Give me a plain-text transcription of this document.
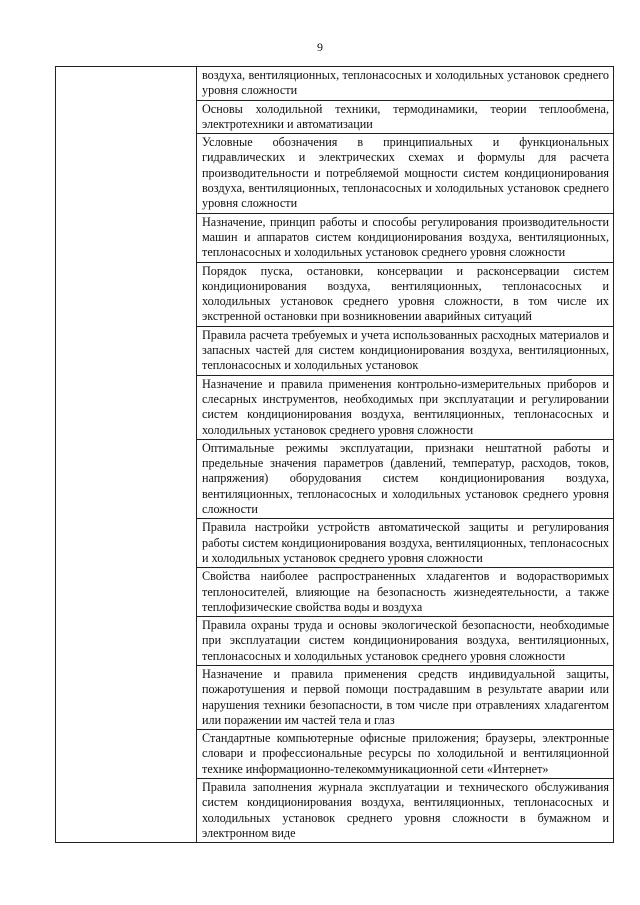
9
	воздуха, вентиляционных, теплонасосных и холодильных установок среднего уровня сложности
Основы холодильной техники, термодинамики, теории теплообмена, электротехники и автоматизации
Условные обозначения в принципиальных и функциональных гидравлических и электрических схемах и формулы для расчета производительности и потребляемой мощности систем кондиционирования воздуха, вентиляционных, теплонасосных и холодильных установок среднего уровня сложности
Назначение, принцип работы и способы регулирования производительности машин и аппаратов систем кондиционирования воздуха, вентиляционных, теплонасосных и холодильных установок среднего уровня сложности
Порядок пуска, остановки, консервации и расконсервации систем кондиционирования воздуха, вентиляционных, теплонасосных и холодильных установок среднего уровня сложности, в том числе их экстренной остановки при возникновении аварийных ситуаций
Правила расчета требуемых и учета использованных расходных материалов и запасных частей для систем кондиционирования воздуха, вентиляционных, теплонасосных и холодильных установок
Назначение и правила применения контрольно-измерительных приборов и слесарных инструментов, необходимых при эксплуатации и регулировании систем кондиционирования воздуха, вентиляционных, теплонасосных и холодильных установок среднего уровня сложности
Оптимальные режимы эксплуатации, признаки нештатной работы и предельные значения параметров (давлений, температур, расходов, токов, напряжения) оборудования систем кондиционирования воздуха, вентиляционных, теплонасосных и холодильных установок среднего уровня сложности
Правила настройки устройств автоматической защиты и регулирования работы систем кондиционирования воздуха, вентиляционных, теплонасосных и холодильных установок среднего уровня сложности
Свойства наиболее распространенных хладагентов и водорастворимых теплоносителей, влияющие на безопасность жизнедеятельности, а также теплофизические свойства воды и воздуха
Правила охраны труда и основы экологической безопасности, необходимые при эксплуатации систем кондиционирования воздуха, вентиляционных, теплонасосных и холодильных установок среднего уровня сложности
Назначение и правила применения средств индивидуальной защиты, пожаротушения и первой помощи пострадавшим в результате аварии или нарушения техники безопасности, в том числе при отравлениях хладагентом или поражении им частей тела и глаз
Стандартные компьютерные офисные приложения; браузеры, электронные словари и профессиональные ресурсы по холодильной и вентиляционной технике информационно-телекоммуникационной сети «Интернет»
Правила заполнения журнала эксплуатации и технического обслуживания систем кондиционирования воздуха, вентиляционных, теплонасосных и холодильных установок среднего уровня сложности в бумажном и электронном виде
